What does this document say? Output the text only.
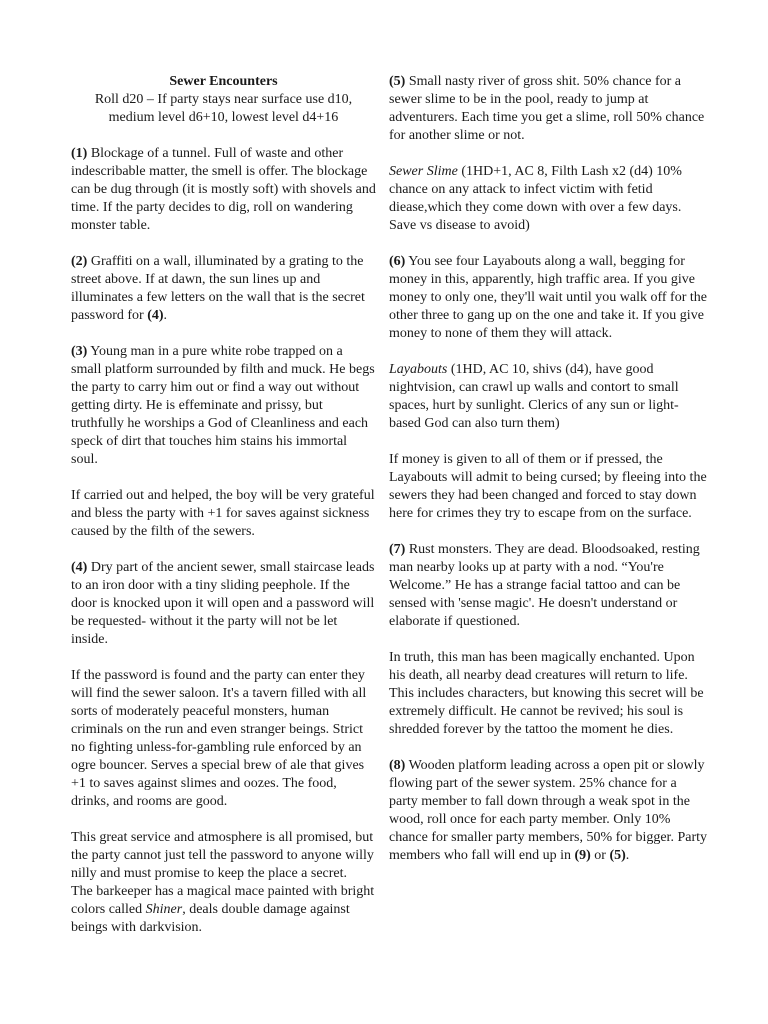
Sewer Encounters

Roll d20 – If party stays near surface use d10, medium level d6+10, lowest level d4+16

(1) Blockage of a tunnel. Full of waste and other indescribable matter, the smell is offer. The blockage can be dug through (it is mostly soft) with shovels and time. If the party decides to dig, roll on wandering monster table.

(2) Graffiti on a wall, illuminated by a grating to the street above. If at dawn, the sun lines up and illuminates a few letters on the wall that is the secret password for (4).

(3) Young man in a pure white robe trapped on a small platform surrounded by filth and muck. He begs the party to carry him out or find a way out without getting dirty. He is effeminate and prissy, but truthfully he worships a God of Cleanliness and each speck of dirt that touches him stains his immortal soul.

If carried out and helped, the boy will be very grateful and bless the party with +1 for saves against sickness caused by the filth of the sewers.

(4) Dry part of the ancient sewer, small staircase leads to an iron door with a tiny sliding peephole. If the door is knocked upon it will open and a password will be requested- without it the party will not be let inside.

If the password is found and the party can enter they will find the sewer saloon. It's a tavern filled with all sorts of moderately peaceful monsters, human criminals on the run and even stranger beings. Strict no fighting unless-for-gambling rule enforced by an ogre bouncer. Serves a special brew of ale that gives +1 to saves against slimes and oozes. The food, drinks, and rooms are good.

This great service and atmosphere is all promised, but the party cannot just tell the password to anyone willy nilly and must promise to keep the place a secret.

The barkeeper has a magical mace painted with bright colors called Shiner, deals double damage against beings with darkvision.

(5) Small nasty river of gross shit. 50% chance for a sewer slime to be in the pool, ready to jump at adventurers. Each time you get a slime, roll 50% chance for another slime or not.

Sewer Slime (1HD+1, AC 8, Filth Lash x2 (d4) 10% chance on any attack to infect victim with fetid diease,which they come down with over a few days. Save vs disease to avoid)

(6) You see four Layabouts along a wall, begging for money in this, apparently, high traffic area. If you give money to only one, they'll wait until you walk off for the other three to gang up on the one and take it. If you give money to none of them they will attack.

Layabouts (1HD, AC 10, shivs (d4), have good nightvision, can crawl up walls and contort to small spaces, hurt by sunlight. Clerics of any sun or light-based God can also turn them)

If money is given to all of them or if pressed, the Layabouts will admit to being cursed; by fleeing into the sewers they had been changed and forced to stay down here for crimes they try to escape from on the surface.

(7) Rust monsters. They are dead. Bloodsoaked, resting man nearby looks up at party with a nod. “You're Welcome.” He has a strange facial tattoo and can be sensed with 'sense magic'. He doesn't understand or elaborate if questioned.

In truth, this man has been magically enchanted. Upon his death, all nearby dead creatures will return to life. This includes characters, but knowing this secret will be extremely difficult. He cannot be revived; his soul is shredded forever by the tattoo the moment he dies.

(8) Wooden platform leading across a open pit or slowly flowing part of the sewer system. 25% chance for a party member to fall down through a weak spot in the wood, roll once for each party member. Only 10% chance for smaller party members, 50% for bigger. Party members who fall will end up in (9) or (5).
